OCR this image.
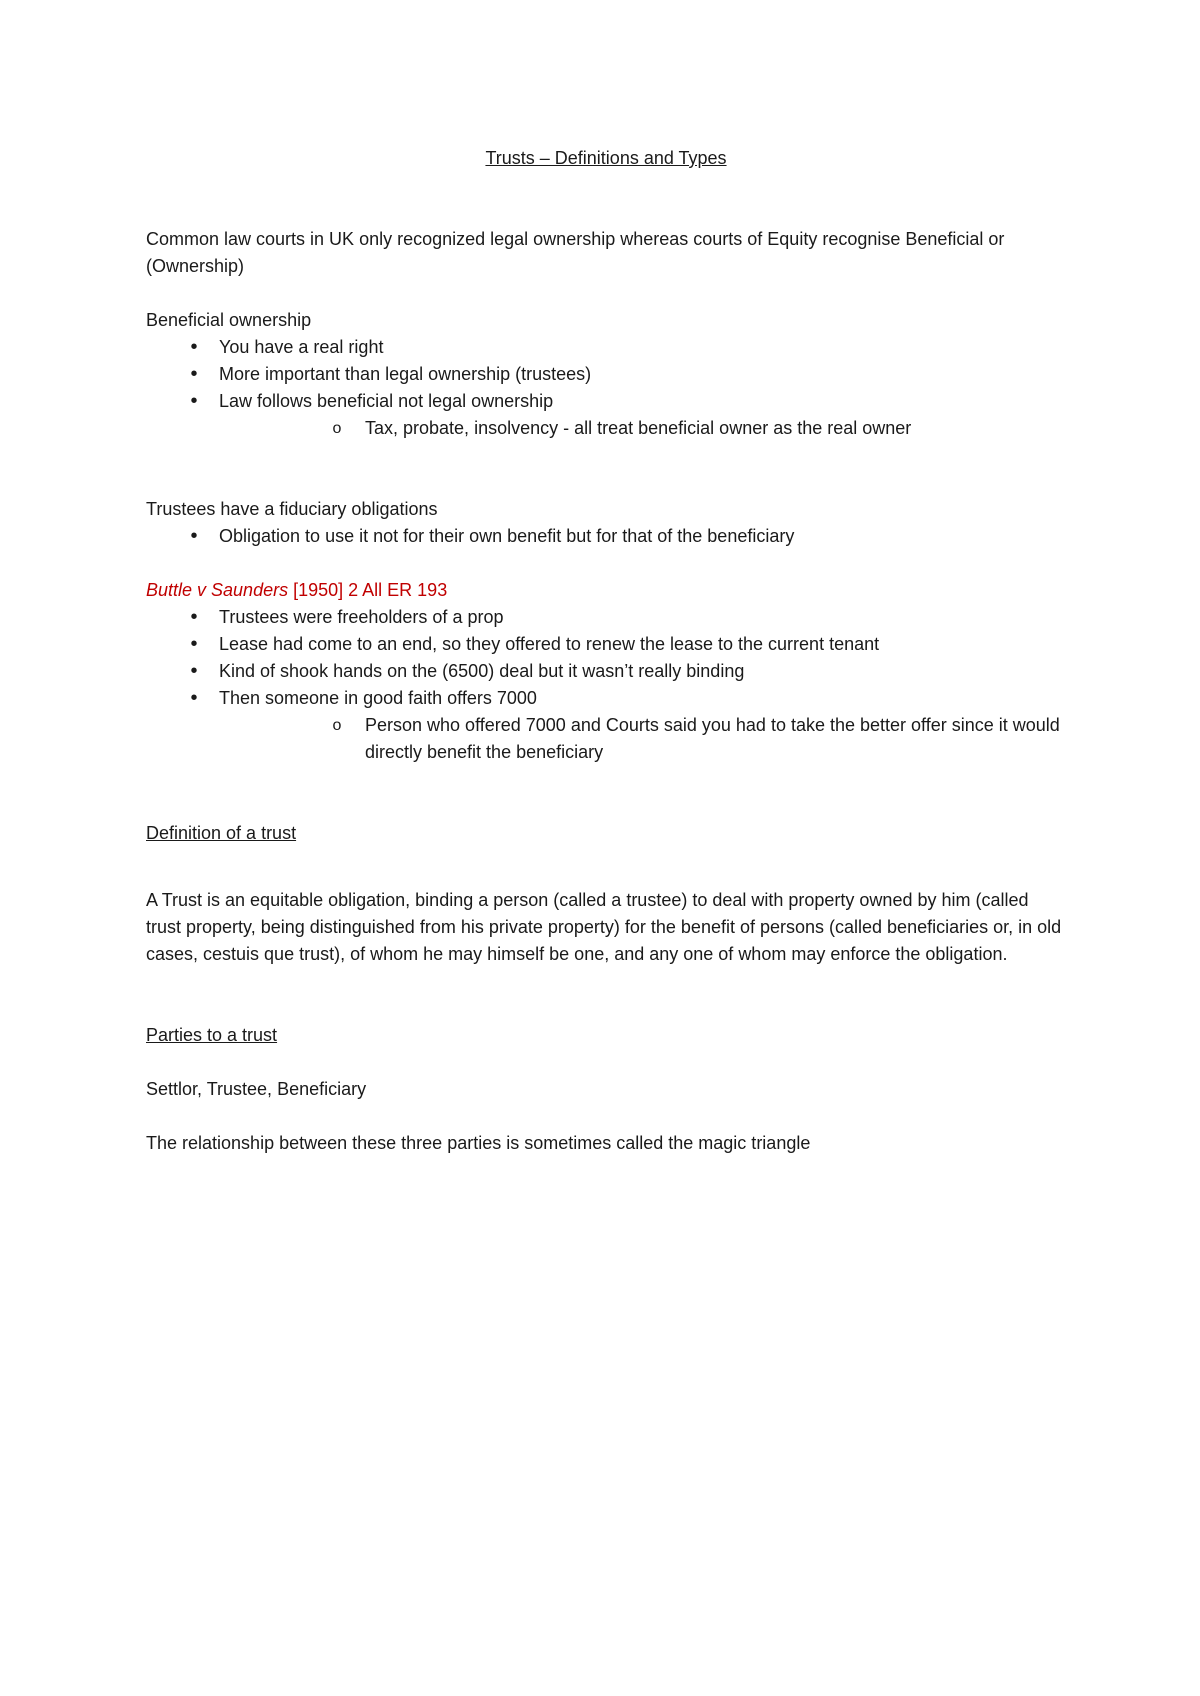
Trusts – Definitions and Types

Common law courts in UK only recognized legal ownership whereas courts of Equity recognise Beneficial or (Ownership)

Beneficial ownership

•	You have a real right
•	More important than legal ownership (trustees)
•	Law follows beneficial not legal ownership
o	Tax, probate, insolvency - all treat beneficial owner as the real owner

Trustees have a fiduciary obligations

•	Obligation to use it not for their own benefit but for that of the beneficiary

Buttle v Saunders [1950] 2 All ER 193

•	Trustees were freeholders of a prop
•	Lease had come to an end, so they offered to renew the lease to the current tenant
•	Kind of shook hands on the (6500) deal but it wasn’t really binding
•	Then someone in good faith offers 7000
o	Person who offered 7000 and Courts said you had to take the better offer since it would directly benefit the beneficiary

Definition of a trust

A Trust is an equitable obligation, binding a person (called a trustee) to deal with property owned by him (called trust property, being distinguished from his private property) for the benefit of persons (called beneficiaries or, in old cases, cestuis que trust), of whom he may himself be one, and any one of whom may enforce the obligation.

Parties to a trust

Settlor, Trustee, Beneficiary

The relationship between these three parties is sometimes called the magic triangle
